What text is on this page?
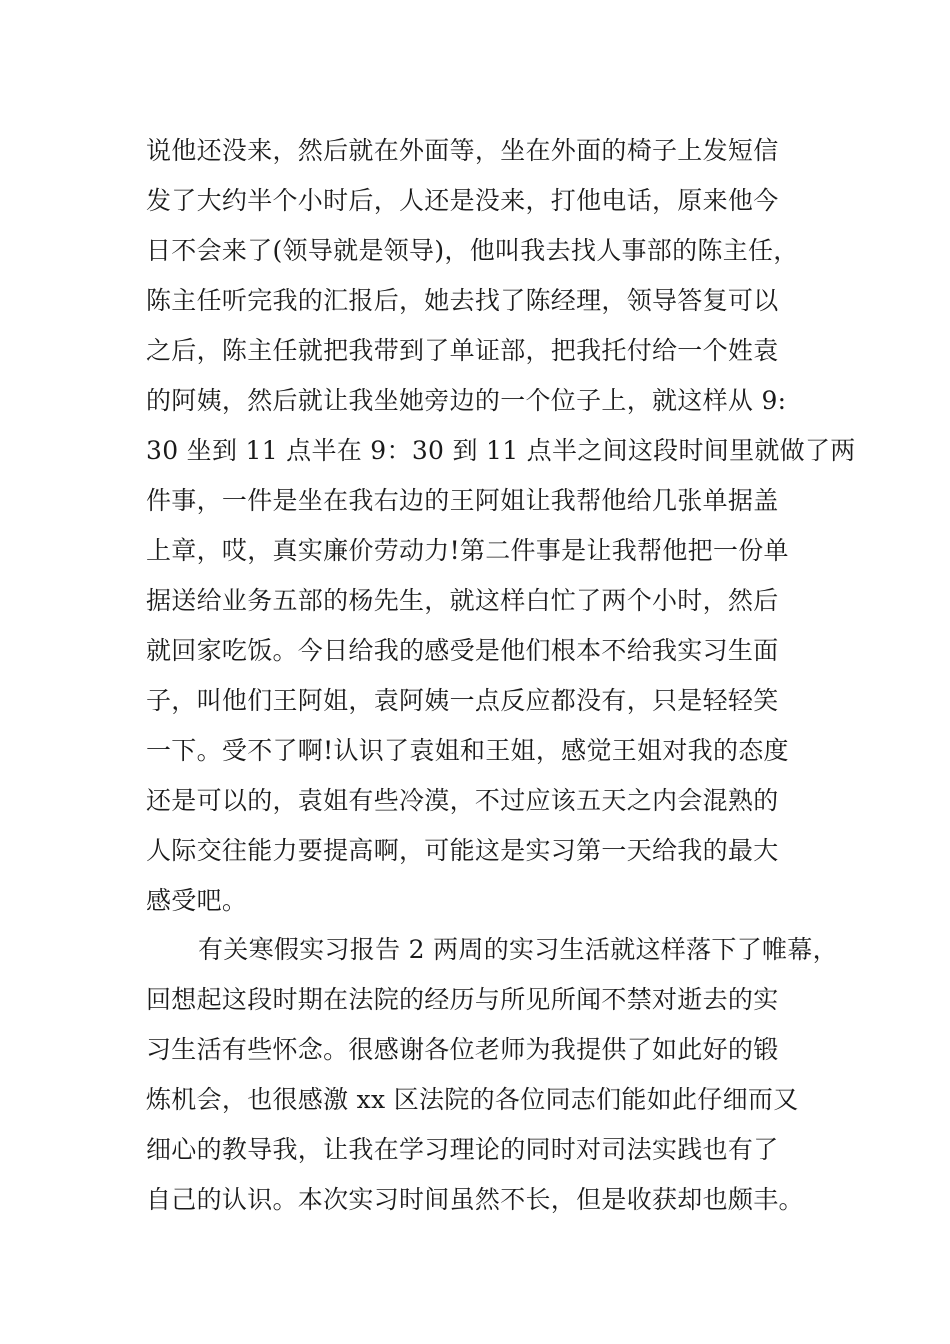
说他还没来，然后就在外面等，坐在外面的椅子上发短信
发了大约半个小时后，人还是没来，打他电话，原来他今
日不会来了(领导就是领导)，他叫我去找人事部的陈主任，
陈主任听完我的汇报后，她去找了陈经理，领导答复可以
之后，陈主任就把我带到了单证部，把我托付给一个姓袁
的阿姨，然后就让我坐她旁边的一个位子上，就这样从 9:
30 坐到 11 点半在 9：30 到 11 点半之间这段时间里就做了两
件事，一件是坐在我右边的王阿姐让我帮他给几张单据盖
上章，哎，真实廉价劳动力!第二件事是让我帮他把一份单
据送给业务五部的杨先生，就这样白忙了两个小时，然后
就回家吃饭。今日给我的感受是他们根本不给我实习生面
子，叫他们王阿姐，袁阿姨一点反应都没有，只是轻轻笑
一下。受不了啊!认识了袁姐和王姐，感觉王姐对我的态度
还是可以的，袁姐有些冷漠，不过应该五天之内会混熟的
人际交往能力要提高啊，可能这是实习第一天给我的最大
感受吧。
有关寒假实习报告 2 两周的实习生活就这样落下了帷幕，
回想起这段时期在法院的经历与所见所闻不禁对逝去的实
习生活有些怀念。很感谢各位老师为我提供了如此好的锻
炼机会，也很感激 xx 区法院的各位同志们能如此仔细而又
细心的教导我，让我在学习理论的同时对司法实践也有了
自己的认识。本次实习时间虽然不长，但是收获却也颇丰。
